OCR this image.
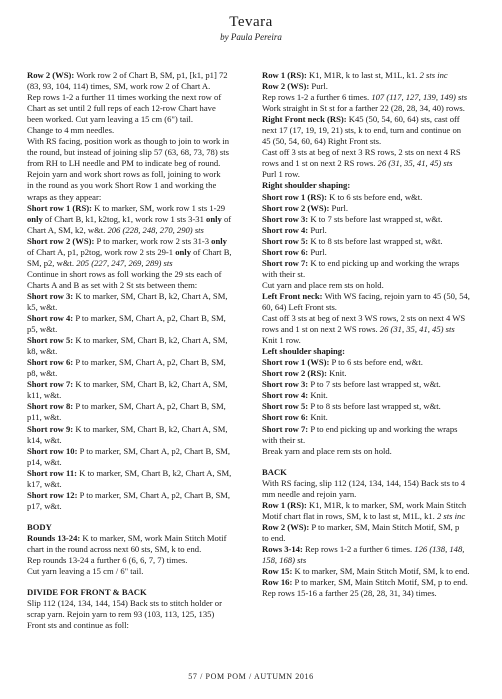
Tevara
by Paula Pereira
Row 2 (WS): Work row 2 of Chart B, SM, p1, [k1, p1] 72
(83, 93, 104, 114) times, SM, work row 2 of Chart A.
Rep rows 1-2 a further 11 times working the next row of
Chart as set until 2 full reps of each 12-row Chart have
been worked. Cut yarn leaving a 15 cm (6") tail.
Change to 4 mm needles.
With RS facing, position work as though to join to work in
the round, but instead of joining slip 57 (63, 68, 73, 78) sts
from RH to LH needle and PM to indicate beg of round.
Rejoin yarn and work short rows as foll, joining to work
in the round as you work Short Row 1 and working the
wraps as they appear:
Short row 1 (RS): K to marker, SM, work row 1 sts 1-29
only of Chart B, k1, k2tog, k1, work row 1 sts 3-31 only of
Chart A, SM, k2, w&t. 206 (228, 248, 270, 290) sts
Short row 2 (WS): P to marker, work row 2 sts 31-3 only
of Chart A, p1, p2tog, work row 2 sts 29-1 only of Chart B,
SM, p2, w&t. 205 (227, 247, 269, 289) sts
Continue in short rows as foll working the 29 sts each of
Charts A and B as set with 2 St sts between them:
Short row 3: K to marker, SM, Chart B, k2, Chart A, SM,
k5, w&t.
Short row 4: P to marker, SM, Chart A, p2, Chart B, SM,
p5, w&t.
Short row 5: K to marker, SM, Chart B, k2, Chart A, SM,
k8, w&t.
Short row 6: P to marker, SM, Chart A, p2, Chart B, SM,
p8, w&t.
Short row 7: K to marker, SM, Chart B, k2, Chart A, SM,
k11, w&t.
Short row 8: P to marker, SM, Chart A, p2, Chart B, SM,
p11, w&t.
Short row 9: K to marker, SM, Chart B, k2, Chart A, SM,
k14, w&t.
Short row 10: P to marker, SM, Chart A, p2, Chart B, SM,
p14, w&t.
Short row 11: K to marker, SM, Chart B, k2, Chart A, SM,
k17, w&t.
Short row 12: P to marker, SM, Chart A, p2, Chart B, SM,
p17, w&t.
BODY
Rounds 13-24: K to marker, SM, work Main Stitch Motif
chart in the round across next 60 sts, SM, k to end.
Rep rounds 13-24 a further 6 (6, 6, 7, 7) times.
Cut yarn leaving a 15 cm / 6" tail.
DIVIDE FOR FRONT & BACK
Slip 112 (124, 134, 144, 154) Back sts to stitch holder or
scrap yarn. Rejoin yarn to rem 93 (103, 113, 125, 135)
Front sts and continue as foll:
Row 1 (RS): K1, M1R, k to last st, M1L, k1. 2 sts inc
Row 2 (WS): Purl.
Rep rows 1-2 a further 6 times. 107 (117, 127, 139, 149) sts
Work straight in St st for a farther 22 (28, 28, 34, 40) rows.
Right Front neck (RS): K45 (50, 54, 60, 64) sts, cast off
next 17 (17, 19, 19, 21) sts, k to end, turn and continue on
45 (50, 54, 60, 64) Right Front sts.
Cast off 3 sts at beg of next 3 RS rows, 2 sts on next 4 RS
rows and 1 st on next 2 RS rows. 26 (31, 35, 41, 45) sts
Purl 1 row.
Right shoulder shaping:
Short row 1 (RS): K to 6 sts before end, w&t.
Short row 2 (WS): Purl.
Short row 3: K to 7 sts before last wrapped st, w&t.
Short row 4: Purl.
Short row 5: K to 8 sts before last wrapped st, w&t.
Short row 6: Purl.
Short row 7: K to end picking up and working the wraps
with their st.
Cut yarn and place rem sts on hold.
Left Front neck: With WS facing, rejoin yarn to 45 (50, 54,
60, 64) Left Front sts.
Cast off 3 sts at beg of next 3 WS rows, 2 sts on next 4 WS
rows and 1 st on next 2 WS rows. 26 (31, 35, 41, 45) sts
Knit 1 row.
Left shoulder shaping:
Short row 1 (WS): P to 6 sts before end, w&t.
Short row 2 (RS): Knit.
Short row 3: P to 7 sts before last wrapped st, w&t.
Short row 4: Knit.
Short row 5: P to 8 sts before last wrapped st, w&t.
Short row 6: Knit.
Short row 7: P to end picking up and working the wraps
with their st.
Break yarn and place rem sts on hold.
BACK
With RS facing, slip 112 (124, 134, 144, 154) Back sts to 4
mm needle and rejoin yarn.
Row 1 (RS): K1, M1R, k to marker, SM, work Main Stitch
Motif chart flat in rows, SM, k to last st, M1L, k1. 2 sts inc
Row 2 (WS): P to marker, SM, Main Stitch Motif, SM, p
to end.
Rows 3-14: Rep rows 1-2 a further 6 times. 126 (138, 148,
158, 168) sts
Row 15: K to marker, SM, Main Stitch Motif, SM, k to end.
Row 16: P to marker, SM, Main Stitch Motif, SM, p to end.
Rep rows 15-16 a farther 25 (28, 28, 31, 34) times.
57 / POM POM / AUTUMN 2016
